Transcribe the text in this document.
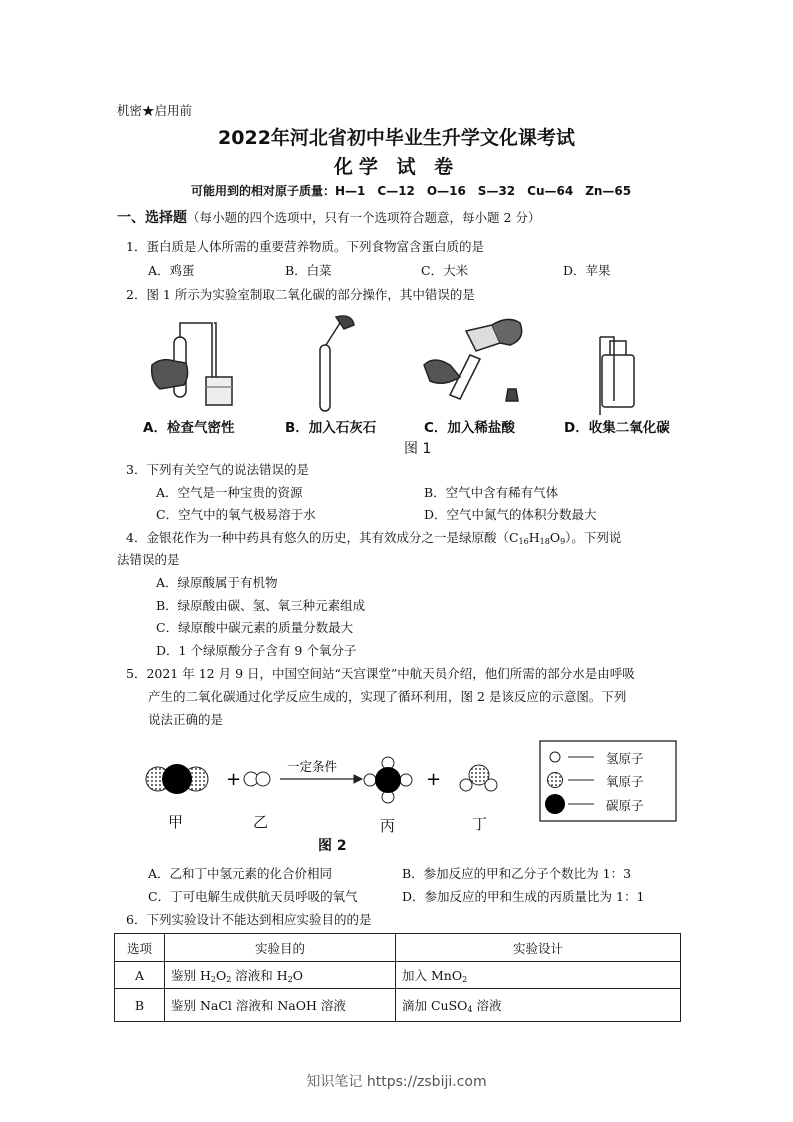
机密★启用前
2022年河北省初中毕业生升学文化课考试
化学 试 卷
可能用到的相对原子质量：H—1　C—12　O—16　S—32　Cu—64　Zn—65
一、选择题（每小题的四个选项中，只有一个选项符合题意，每小题 2 分）
1．蛋白质是人体所需的重要营养物质。下列食物富含蛋白质的是
A．鸡蛋	B．白菜	C．大米	D．苹果
2．图 1 所示为实验室制取二氧化碳的部分操作，其中错误的是
A．检查气密性	B．加入石灰石	C．加入稀盐酸	D．收集二氧化碳
图 1
3．下列有关空气的说法错误的是
A．空气是一种宝贵的资源	B．空气中含有稀有气体
C．空气中的氧气极易溶于水	D．空气中氮气的体积分数最大
4．金银花作为一种中药具有悠久的历史，其有效成分之一是绿原酸$(C_{16}H_{18}O_9)$。下列说
法错误的是
A．绿原酸属于有机物
B．绿原酸由碳、氢、氧三种元素组成
C．绿原酸中碳元素的质量分数最大
D．1 个绿原酸分子含有 9 个氧分子
5．2021 年 12 月 9 日，中国空间站“天宫课堂”中航天员介绍，他们所需的部分水是由呼吸
产生的二氧化碳通过化学反应生成的，实现了循环利用，图 2 是该反应的示意图。下列
说法正确的是
+
一定条件
+
氢原子
氧原子
碳原子
甲	乙	丙	丁
图 2
A．乙和丁中氢元素的化合价相同	B．参加反应的甲和乙分子个数比为 1：3
C．丁可电解生成供航天员呼吸的氧气	D．参加反应的甲和生成的丙质量比为 1：1
6．下列实验设计不能达到相应实验目的的是
选项	实验目的	实验设计
A	鉴别 $H_2O_2$ 溶液和 $H_2O$	加入 MnO$_2$
B	鉴别 NaCl 溶液和 NaOH 溶液	滴加 CuSO$_4$ 溶液
知识笔记 https://zsbiji.com
